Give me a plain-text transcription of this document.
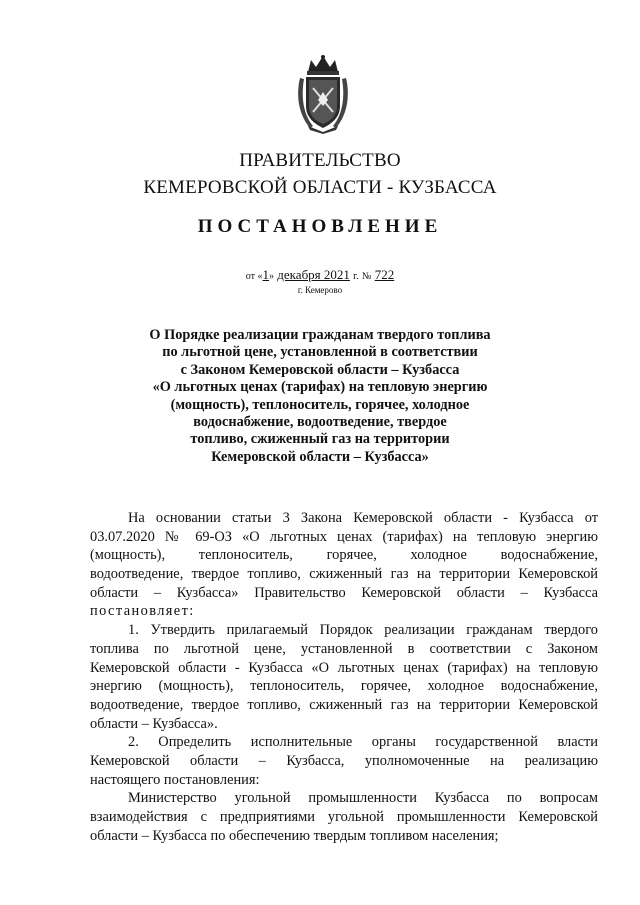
ПРАВИТЕЛЬСТВО
КЕМЕРОВСКОЙ ОБЛАСТИ - КУЗБАССА
ПОСТАНОВЛЕНИЕ
от «1» декабря 2021 г. № 722
г. Кемерово
О Порядке реализации гражданам твердого топлива
по льготной цене, установленной в соответствии
с Законом Кемеровской области – Кузбасса
«О льготных ценах (тарифах) на тепловую энергию
(мощность), теплоноситель, горячее, холодное
водоснабжение, водоотведение, твердое
топливо, сжиженный газ на территории
Кемеровской области – Кузбасса»
На основании статьи 3 Закона Кемеровской области - Кузбасса от
03.07.2020 № 69-ОЗ «О льготных ценах (тарифах) на тепловую энергию
(мощность), теплоноситель, горячее, холодное водоснабжение,
водоотведение, твердое топливо, сжиженный газ на территории Кемеровской
области – Кузбасса» Правительство Кемеровской области – Кузбасса
постановляет:
1. Утвердить прилагаемый Порядок реализации гражданам твердого
топлива по льготной цене, установленной в соответствии с Законом
Кемеровской области - Кузбасса «О льготных ценах (тарифах) на тепловую
энергию (мощность), теплоноситель, горячее, холодное водоснабжение,
водоотведение, твердое топливо, сжиженный газ на территории Кемеровской
области – Кузбасса».
2. Определить исполнительные органы государственной власти
Кемеровской области – Кузбасса, уполномоченные на реализацию
настоящего постановления:
Министерство угольной промышленности Кузбасса по вопросам
взаимодействия с предприятиями угольной промышленности Кемеровской
области – Кузбасса по обеспечению твердым топливом населения;
